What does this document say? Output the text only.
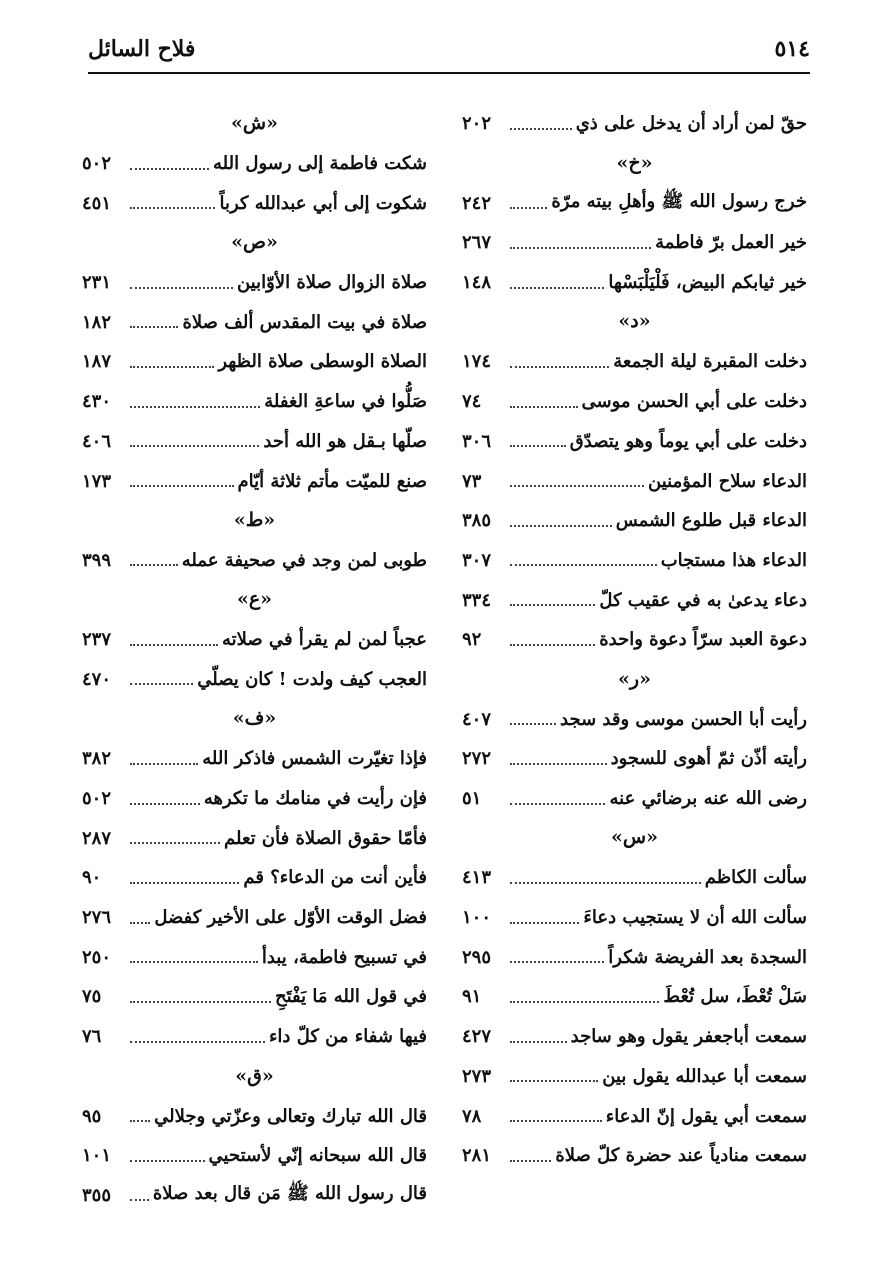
فلاح السائل	٥١٤
حقّ لمن أراد أن يدخل على ذي
٢٠٢
«خ»
خرج رسول الله ﷺ وأهلِ بيته مرّة
٢٤٢
خير العمل برّ فاطمة
٢٦٧
خير ثيابكم البيض، فَلْيَلْبَسْها
١٤٨
«د»
دخلت المقبرة ليلة الجمعة
١٧٤
دخلت على أبي الحسن موسى
٧٤
دخلت على أبي يوماً وهو يتصدّق
٣٠٦
الدعاء سلاح المؤمنين
٧٣
الدعاء قبل طلوع الشمس
٣٨٥
الدعاء هذا مستجاب
٣٠٧
دعاء يدعىٰ به في عقيب كلّ
٣٣٤
دعوة العبد سرّاً دعوة واحدة
٩٢
«ر»
رأيت أبا الحسن موسى وقد سجد
٤٠٧
رأيته أذّن ثمّ أهوى للسجود
٢٧٢
رضى الله عنه برضائي عنه
٥١
«س»
سألت الكاظم
٤١٣
سألت الله أن لا يستجيب دعاءَ
١٠٠
السجدة بعد الفريضة شكراً
٢٩٥
سَلْ تُعْطَ، سل تُعْطَ
٩١
سمعت أباجعفر يقول وهو ساجد
٤٢٧
سمعت أبا عبدالله يقول بين
٢٧٣
سمعت أبي يقول إنّ الدعاء
٧٨
سمعت منادياً عند حضرة كلّ صلاة
٢٨١
«ش»
شكت فاطمة إلى رسول الله
٥٠٢
شكوت إلى أبي عبدالله كرباً
٤٥١
«ص»
صلاة الزوال صلاة الأوّابين
٢٣١
صلاة في بيت المقدس ألف صلاة
١٨٢
الصلاة الوسطى صلاة الظهر
١٨٧
صَلُّوا في ساعةِ الغفلة
٤٣٠
صلّها بـقل هو الله أحد
٤٠٦
صنع للميّت مأتم ثلاثة أيّام
١٧٣
«ط»
طوبى لمن وجد في صحيفة عمله
٣٩٩
«ع»
عجباً لمن لم يقرأ في صلاته
٢٣٧
العجب كيف ولدت ! كان يصلّي
٤٧٠
«ف»
فإذا تغيّرت الشمس فاذكر الله
٣٨٢
فإن رأيت في منامك ما تكرهه
٥٠٢
فأمّا حقوق الصلاة فأن تعلم
٢٨٧
فأين أنت من الدعاء؟ قم
٩٠
فضل الوقت الأوّل على الأخير كفضل
٢٧٦
في تسبيح فاطمة، يبدأ
٢٥٠
في قول الله مَا يَفْتَحِ
٧٥
فيها شفاء من كلّ داء
٧٦
«ق»
قال الله تبارك وتعالى وعزّتي وجلالي
٩٥
قال الله سبحانه إنّي لأستحيي
١٠١
قال رسول الله ﷺ مَن قال بعد صلاة
٣٥٥
